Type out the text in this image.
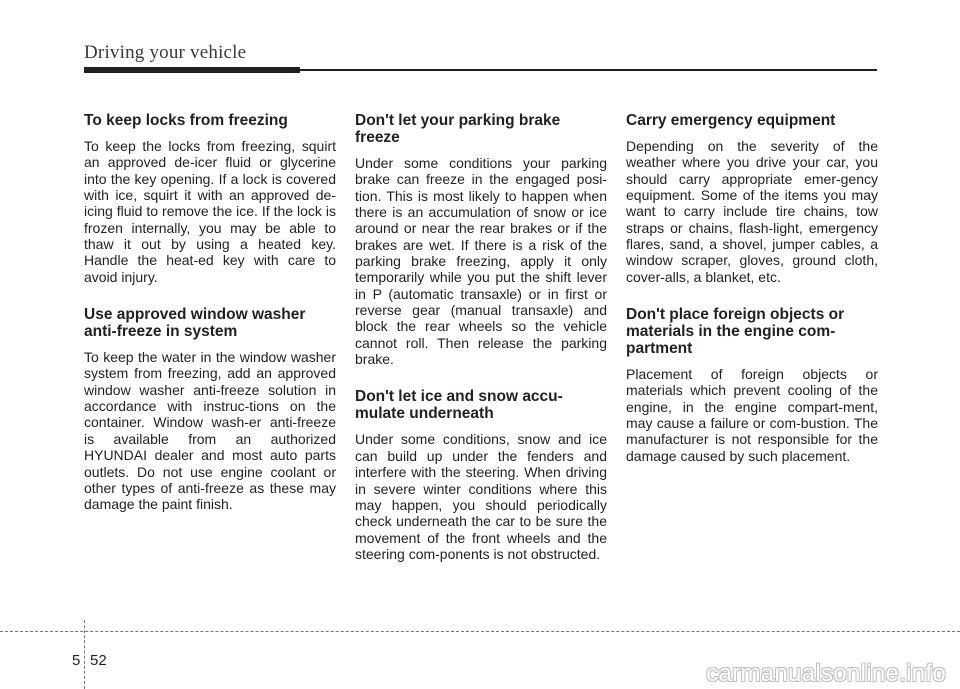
Driving your vehicle
To keep locks from freezing

To keep the locks from freezing, squirt an approved de-icer fluid or glycerine into the key opening. If a lock is covered with ice, squirt it with an approved de-icing fluid to remove the ice. If the lock is frozen internally, you may be able to thaw it out by using a heated key. Handle the heat-ed key with care to avoid injury.

Use approved window washer anti-freeze in system

To keep the water in the window washer system from freezing, add an approved window washer anti-freeze solution in accordance with instruc-tions on the container. Window wash-er anti-freeze is available from an authorized HYUNDAI dealer and most auto parts outlets. Do not use engine coolant or other types of anti-freeze as these may damage the paint finish.

Don't let your parking brake freeze

Under some conditions your parking brake can freeze in the engaged posi-tion. This is most likely to happen when there is an accumulation of snow or ice around or near the rear brakes or if the brakes are wet. If there is a risk of the parking brake freezing, apply it only temporarily while you put the shift lever in P (automatic transaxle) or in first or reverse gear (manual transaxle) and block the rear wheels so the vehicle cannot roll. Then release the parking brake.

Don't let ice and snow accu-mulate underneath

Under some conditions, snow and ice can build up under the fenders and interfere with the steering. When driving in severe winter conditions where this may happen, you should periodically check underneath the car to be sure the movement of the front wheels and the steering com-ponents is not obstructed.

Carry emergency equipment

Depending on the severity of the weather where you drive your car, you should carry appropriate emer-gency equipment. Some of the items you may want to carry include tire chains, tow straps or chains, flash-light, emergency flares, sand, a shovel, jumper cables, a window scraper, gloves, ground cloth, cover-alls, a blanket, etc.

Don't place foreign objects or materials in the engine com-partment

Placement of foreign objects or materials which prevent cooling of the engine, in the engine compart-ment, may cause a failure or com-bustion. The manufacturer is not responsible for the damage caused by such placement.

5 52	carmanualsonline.info
